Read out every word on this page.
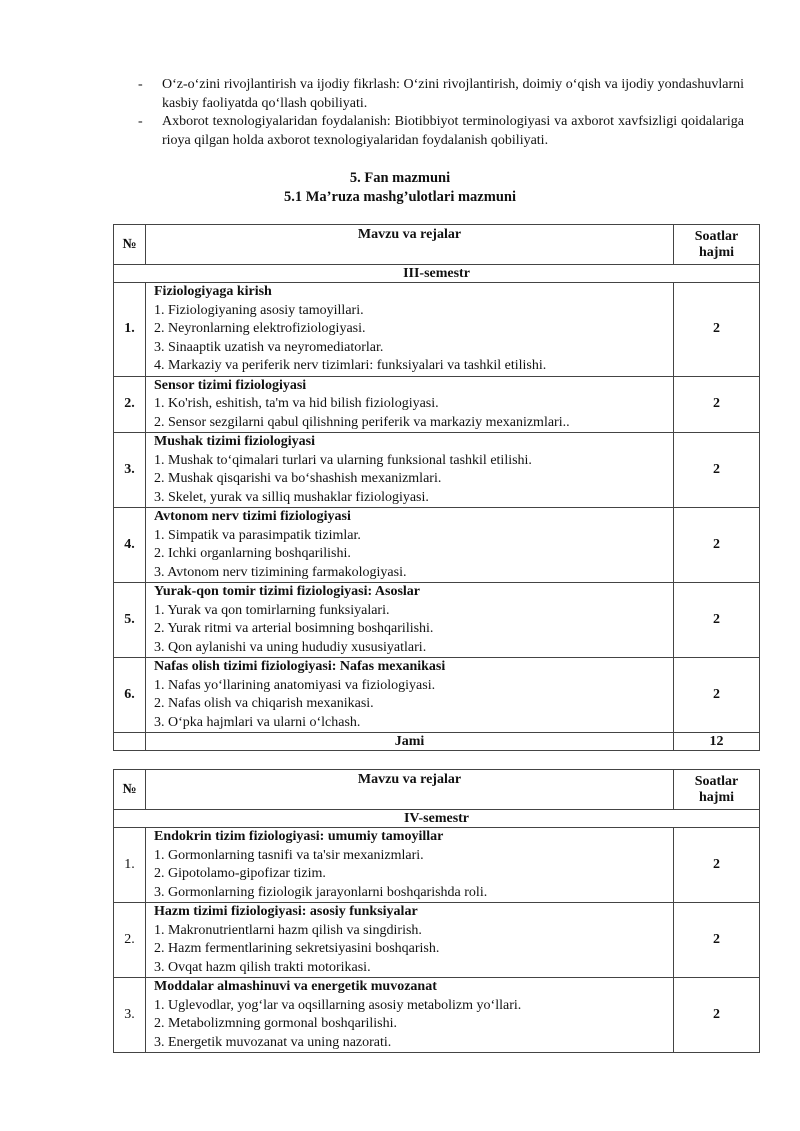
- O‘z-o‘zini rivojlantirish va ijodiy fikrlash: O‘zini rivojlantirish, doimiy o‘qish va ijodiy yondashuvlarni kasbiy faoliyatda qo‘llash qobiliyati.
- Axborot texnologiyalaridan foydalanish: Biotibbiyot terminologiyasi va axborot xavfsizligi qoidalariga rioya qilgan holda axborot texnologiyalaridan foydalanish qobiliyati.
5. Fan mazmuni
5.1 Ma’ruza mashg’ulotlari mazmuni
№	Mavzu va rejalar	Soatlar
hajmi

III-semestr		
1.	Fiziologiyaga kirish
1. Fiziologiyaning asosiy tamoyillari.
2. Neyronlarning elektrofiziologiyasi.
3. Sinaaptik uzatish va neyromediatorlar.
4. Markaziy va periferik nerv tizimlari: funksiyalari va tashkil etilishi.	2
2.	Sensor tizimi fiziologiyasi
1. Ko'rish, eshitish, ta'm va hid bilish fiziologiyasi.
2. Sensor sezgilarni qabul qilishning periferik va markaziy mexanizmlari..	2
3.	Mushak tizimi fiziologiyasi
1. Mushak to‘qimalari turlari va ularning funksional tashkil etilishi.
2. Mushak qisqarishi va bo‘shashish mexanizmlari.
3. Skelet, yurak va silliq mushaklar fiziologiyasi.	2
4.	Avtonom nerv tizimi fiziologiyasi
1. Simpatik va parasimpatik tizimlar.
2. Ichki organlarning boshqarilishi.
3. Avtonom nerv tizimining farmakologiyasi.	2
5.	Yurak-qon tomir tizimi fiziologiyasi: Asoslar
1. Yurak va qon tomirlarning funksiyalari.
2. Yurak ritmi va arterial bosimning boshqarilishi.
3. Qon aylanishi va uning hududiy xususiyatlari.	2
6.	Nafas olish tizimi fiziologiyasi: Nafas mexanikasi
1. Nafas yo‘llarining anatomiyasi va fiziologiyasi.
2. Nafas olish va chiqarish mexanikasi.
3. O‘pka hajmlari va ularni o‘lchash.	2
	Jami	12
№	Mavzu va rejalar	Soatlar
hajmi

IV-semestr		
1.	Endokrin tizim fiziologiyasi: umumiy tamoyillar
1. Gormonlarning tasnifi va ta'sir mexanizmlari.
2. Gipotolamo-gipofizar tizim.
3. Gormonlarning fiziologik jarayonlarni boshqarishda roli.	2
2.	Hazm tizimi fiziologiyasi: asosiy funksiyalar
1. Makronutrientlarni hazm qilish va singdirish.
2. Hazm fermentlarining sekretsiyasini boshqarish.
3. Ovqat hazm qilish trakti motorikasi.	2
3.	Moddalar almashinuvi va energetik muvozanat
1. Uglevodlar, yog‘lar va oqsillarning asosiy metabolizm yo‘llari.
2. Metabolizmning gormonal boshqarilishi.
3. Energetik muvozanat va uning nazorati.	2
